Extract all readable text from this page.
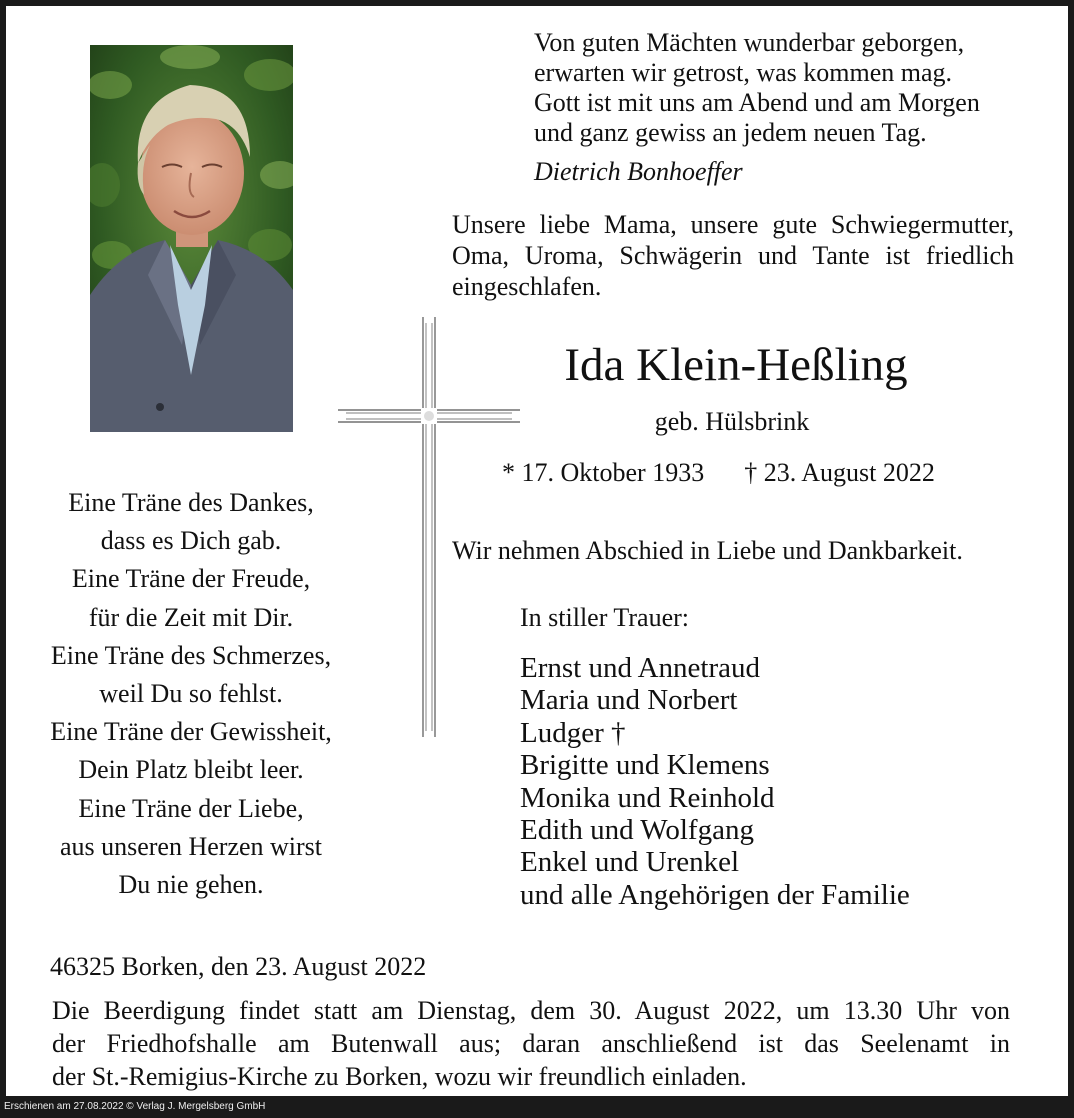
Von guten Mächten wunderbar geborgen,
erwarten wir getrost, was kommen mag.
Gott ist mit uns am Abend und am Morgen
und ganz gewiss an jedem neuen Tag.
Dietrich Bonhoeffer
Unsere liebe Mama, unsere gute Schwiegermutter,
Oma, Uroma, Schwägerin und Tante ist friedlich
eingeschlafen.
Ida Klein-Heßling
geb. Hülsbrink
* 17. Oktober 1933 † 23. August 2022
Wir nehmen Abschied in Liebe und Dankbarkeit.
In stiller Trauer:
Ernst und Annetraud
Maria und Norbert
Ludger †
Brigitte und Klemens
Monika und Reinhold
Edith und Wolfgang
Enkel und Urenkel
und alle Angehörigen der Familie
Eine Träne des Dankes,
dass es Dich gab.
Eine Träne der Freude,
für die Zeit mit Dir.
Eine Träne des Schmerzes,
weil Du so fehlst.
Eine Träne der Gewissheit,
Dein Platz bleibt leer.
Eine Träne der Liebe,
aus unseren Herzen wirst
Du nie gehen.
46325 Borken, den 23. August 2022
Die Beerdigung findet statt am Dienstag, dem 30. August 2022, um 13.30 Uhr von
der Friedhofshalle am Butenwall aus; daran anschließend ist das Seelenamt in
der St.-Remigius-Kirche zu Borken, wozu wir freundlich einladen.
Erschienen am 27.08.2022 © Verlag J. Mergelsberg GmbH
